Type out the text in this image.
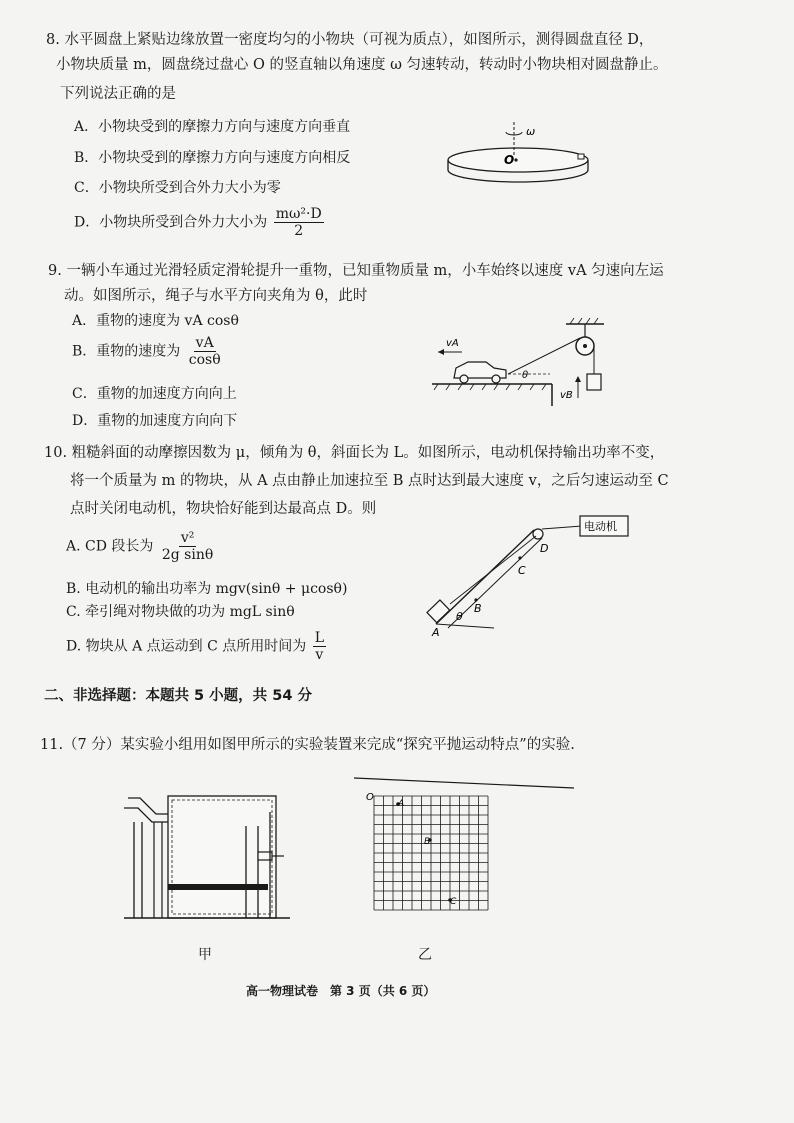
8. 水平圆盘上紧贴边缘放置一密度均匀的小物块（可视为质点），如图所示，测得圆盘直径 D，
小物块质量 m，圆盘绕过盘心 O 的竖直轴以角速度 ω 匀速转动，转动时小物块相对圆盘静止。
下列说法正确的是
A．小物块受到的摩擦力方向与速度方向垂直
B．小物块受到的摩擦力方向与速度方向相反
C．小物块所受到合外力大小为零
D．小物块所受到合外力大小为 $\frac{\text{mω²·D}}{2}$
O
ω
9. 一辆小车通过光滑轻质定滑轮提升一重物，已知重物质量 m，小车始终以速度 vA 匀速向左运
动。如图所示，绳子与水平方向夹角为 θ，此时
A．重物的速度为 vA cosθ
B．重物的速度为 $\frac{vA}{\cos\theta}$
C．重物的加速度方向向上
D．重物的加速度方向向下
vA
θ
vB
10. 粗糙斜面的动摩擦因数为 μ，倾角为 θ，斜面长为 L。如图所示，电动机保持输出功率不变，
将一个质量为 m 的物块，从 A 点由静止加速拉至 B 点时达到最大速度 v，之后匀速运动至 C
点时关闭电动机，物块恰好能到达最高点 D。则
A. CD 段长为 $\frac{\text{v²}}{\text{2g sinθ}}$
B. 电动机的输出功率为 mgv(sinθ + μcosθ)
C. 牵引绳对物块做的功为 mgL sinθ
D. 物块从 A 点运动到 C 点所用时间为 $\frac{L}{v}$
电动机
A
θ
B
C
D
二、非选择题：本题共 5 小题，共 54 分
11.（7 分）某实验小组用如图甲所示的实验装置来完成“探究平抛运动特点”的实验.
甲
O
A
B
C
乙
高一物理试卷　第 3 页（共 6 页）
